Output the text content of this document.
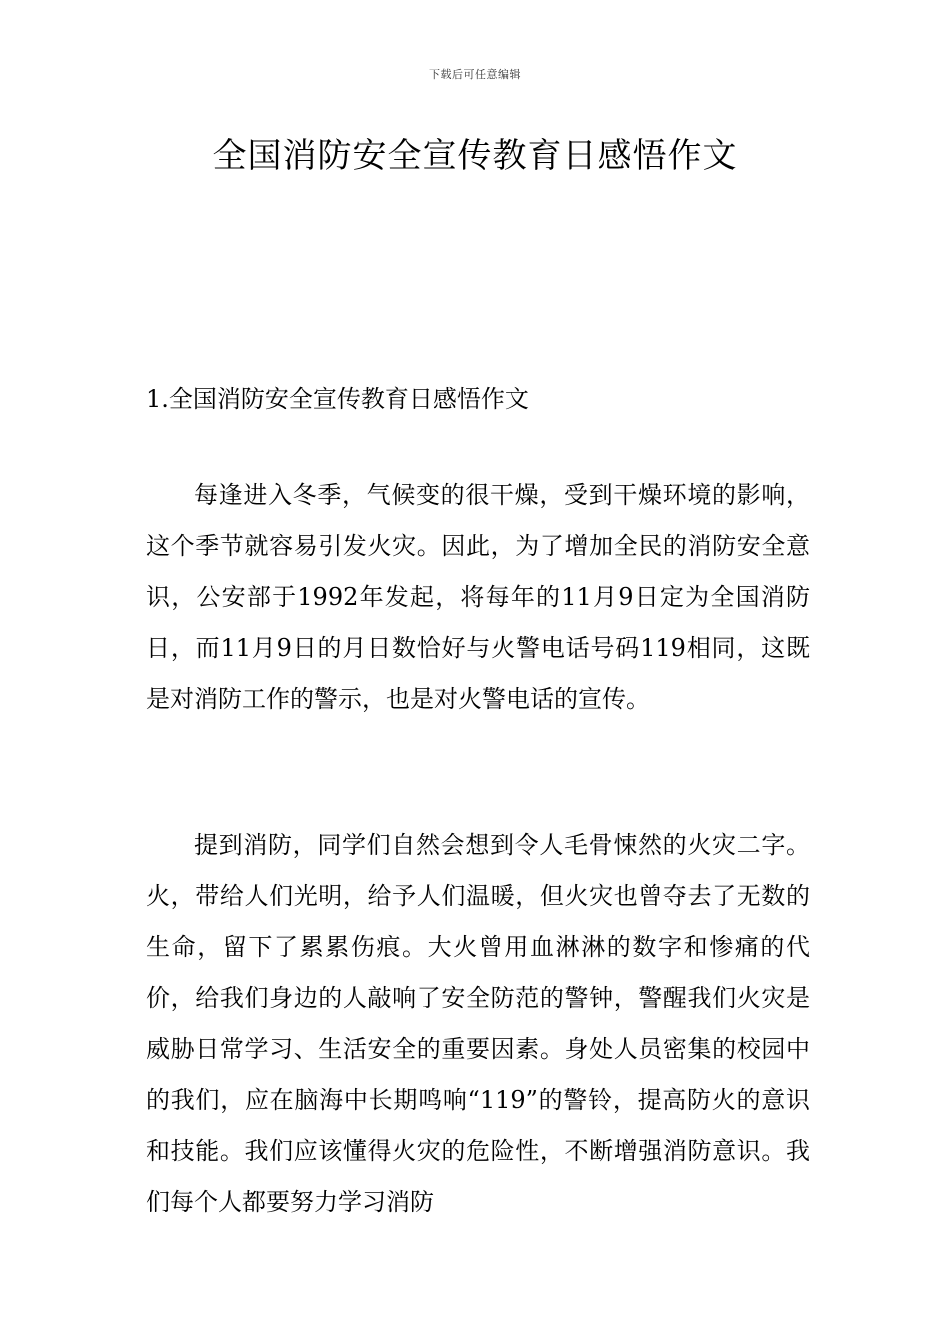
下载后可任意编辑
全国消防安全宣传教育日感悟作文
1.全国消防安全宣传教育日感悟作文

每逢进入冬季，气候变的很干燥，受到干燥环境的影响，这个季节就容易引发火灾。因此，为了增加全民的消防安全意识，公安部于1992年发起，将每年的11月9日定为全国消防日，而11月9日的月日数恰好与火警电话号码119相同，这既是对消防工作的警示，也是对火警电话的宣传。

提到消防，同学们自然会想到令人毛骨悚然的火灾二字。火，带给人们光明，给予人们温暖，但火灾也曾夺去了无数的生命，留下了累累伤痕。大火曾用血淋淋的数字和惨痛的代价，给我们身边的人敲响了安全防范的警钟，警醒我们火灾是威胁日常学习、生活安全的重要因素。身处人员密集的校园中的我们，应在脑海中长期鸣响“119”的警铃，提高防火的意识和技能。我们应该懂得火灾的危险性，不断增强消防意识。我们每个人都要努力学习消防
